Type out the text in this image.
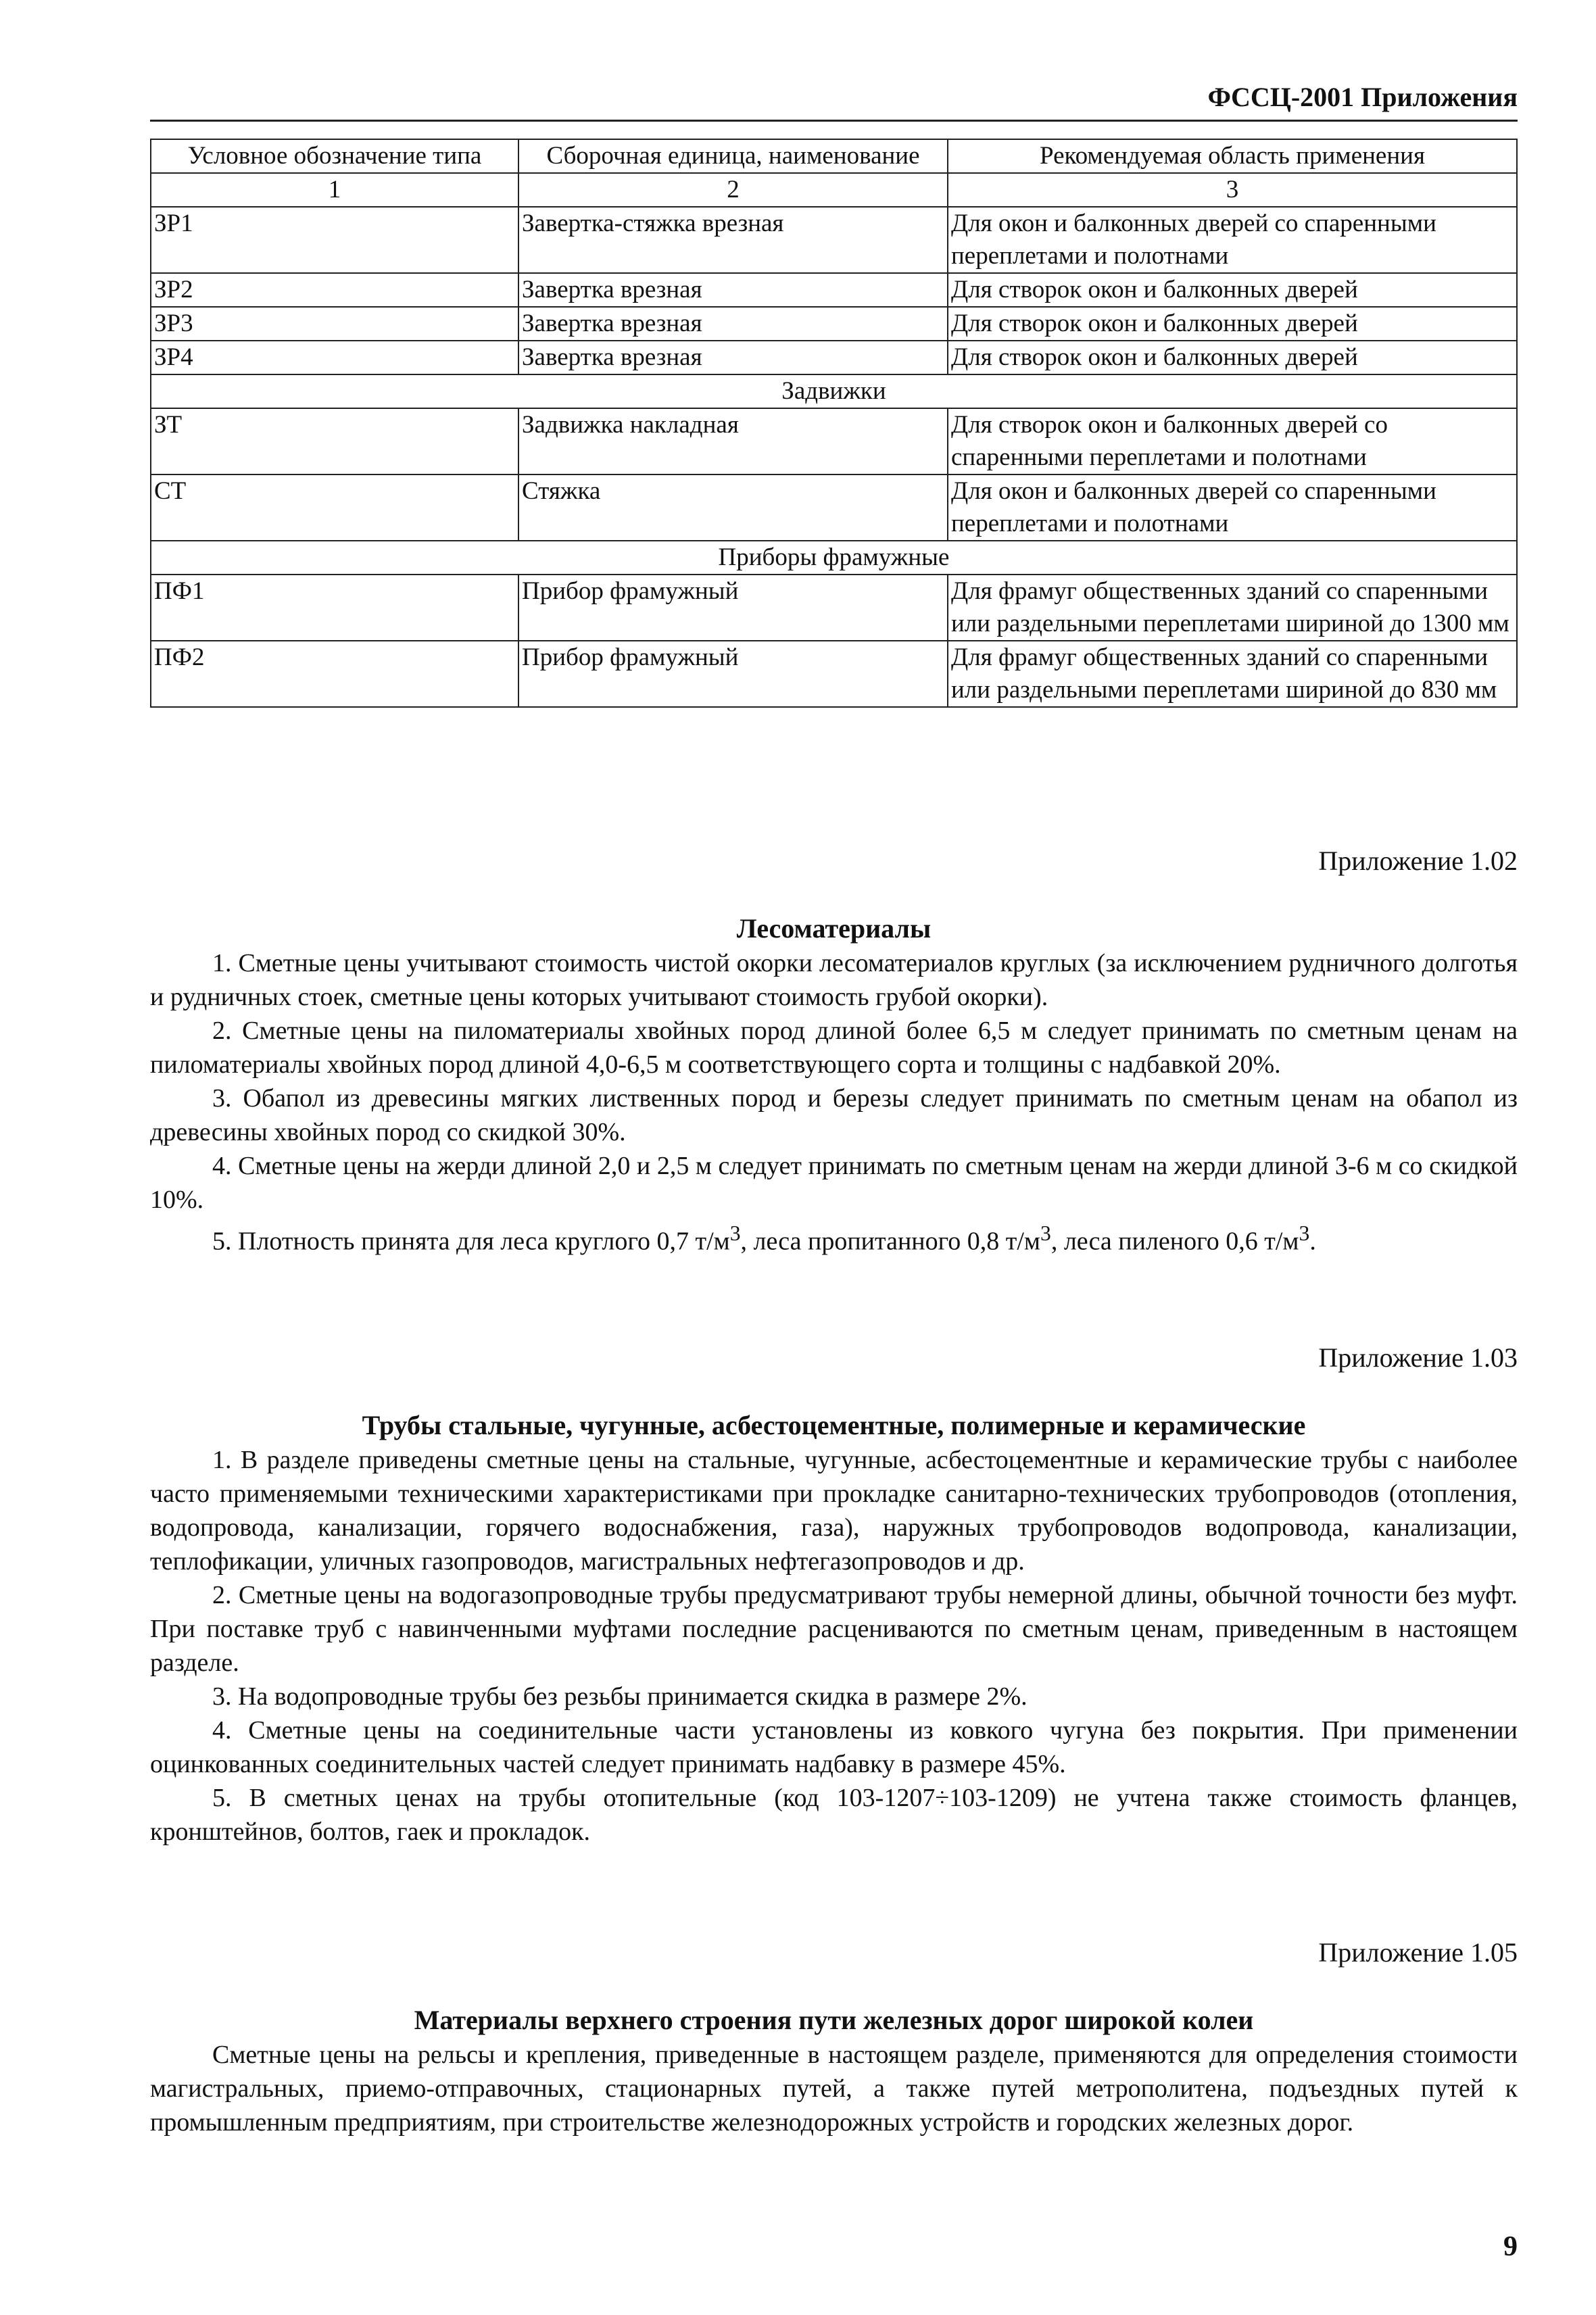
ФССЦ-2001 Приложения
Условное обозначение типа	Сборочная единица, наименование	Рекомендуемая область применения
1	2	3
ЗР1	Завертка-стяжка врезная	Для окон и балконных дверей со спаренными переплетами и полотнами
ЗР2	Завертка врезная	Для створок окон и балконных дверей
ЗР3	Завертка врезная	Для створок окон и балконных дверей
ЗР4	Завертка врезная	Для створок окон и балконных дверей
Задвижки		
ЗТ	Задвижка накладная	Для створок окон и балконных дверей со спаренными переплетами и полотнами
СТ	Стяжка	Для окон и балконных дверей со спаренными переплетами и полотнами
Приборы фрамужные		
ПФ1	Прибор фрамужный	Для фрамуг общественных зданий со спаренными или раздельными переплетами шириной до 1300 мм
ПФ2	Прибор фрамужный	Для фрамуг общественных зданий со спаренными или раздельными переплетами шириной до 830 мм
Приложение 1.02
Лесоматериалы

1. Сметные цены учитывают стоимость чистой окорки лесоматериалов круглых (за исключением рудничного долготья и рудничных стоек, сметные цены которых учитывают стоимость грубой окорки).

2. Сметные цены на пиломатериалы хвойных пород длиной более 6,5 м следует принимать по сметным ценам на пиломатериалы хвойных пород длиной 4,0-6,5 м соответствующего сорта и толщины с надбавкой 20%.

3. Обапол из древесины мягких лиственных пород и березы следует принимать по сметным ценам на обапол из древесины хвойных пород со скидкой 30%.

4. Сметные цены на жерди длиной 2,0 и 2,5 м следует принимать по сметным ценам на жерди длиной 3-6 м со скидкой 10%.

5. Плотность принята для леса круглого 0,7 $т/м^3$, леса пропитанного 0,8 $т/м^3$, леса пиленого 0,6 $т/м^3$.

Приложение 1.03
Трубы стальные, чугунные, асбестоцементные, полимерные и керамические

1. В разделе приведены сметные цены на стальные, чугунные, асбестоцементные и керамические трубы с наиболее часто применяемыми техническими характеристиками при прокладке санитарно-технических трубопроводов (отопления, водопровода, канализации, горячего водоснабжения, газа), наружных трубопроводов водопровода, канализации, теплофикации, уличных газопроводов, магистральных нефтегазопроводов и др.

2. Сметные цены на водогазопроводные трубы предусматривают трубы немерной длины, обычной точности без муфт. При поставке труб с навинченными муфтами последние расцениваются по сметным ценам, приведенным в настоящем разделе.

3. На водопроводные трубы без резьбы принимается скидка в размере 2%.

4. Сметные цены на соединительные части установлены из ковкого чугуна без покрытия. При применении оцинкованных соединительных частей следует принимать надбавку в размере 45%.

5. В сметных ценах на трубы отопительные (код 103-1207÷103-1209) не учтена также стоимость фланцев, кронштейнов, болтов, гаек и прокладок.

Приложение 1.05
Материалы верхнего строения пути железных дорог широкой колеи

Сметные цены на рельсы и крепления, приведенные в настоящем разделе, применяются для определения стоимости магистральных, приемо-отправочных, стационарных путей, а также путей метрополитена, подъездных путей к промышленным предприятиям, при строительстве железнодорожных устройств и городских железных дорог.

9
